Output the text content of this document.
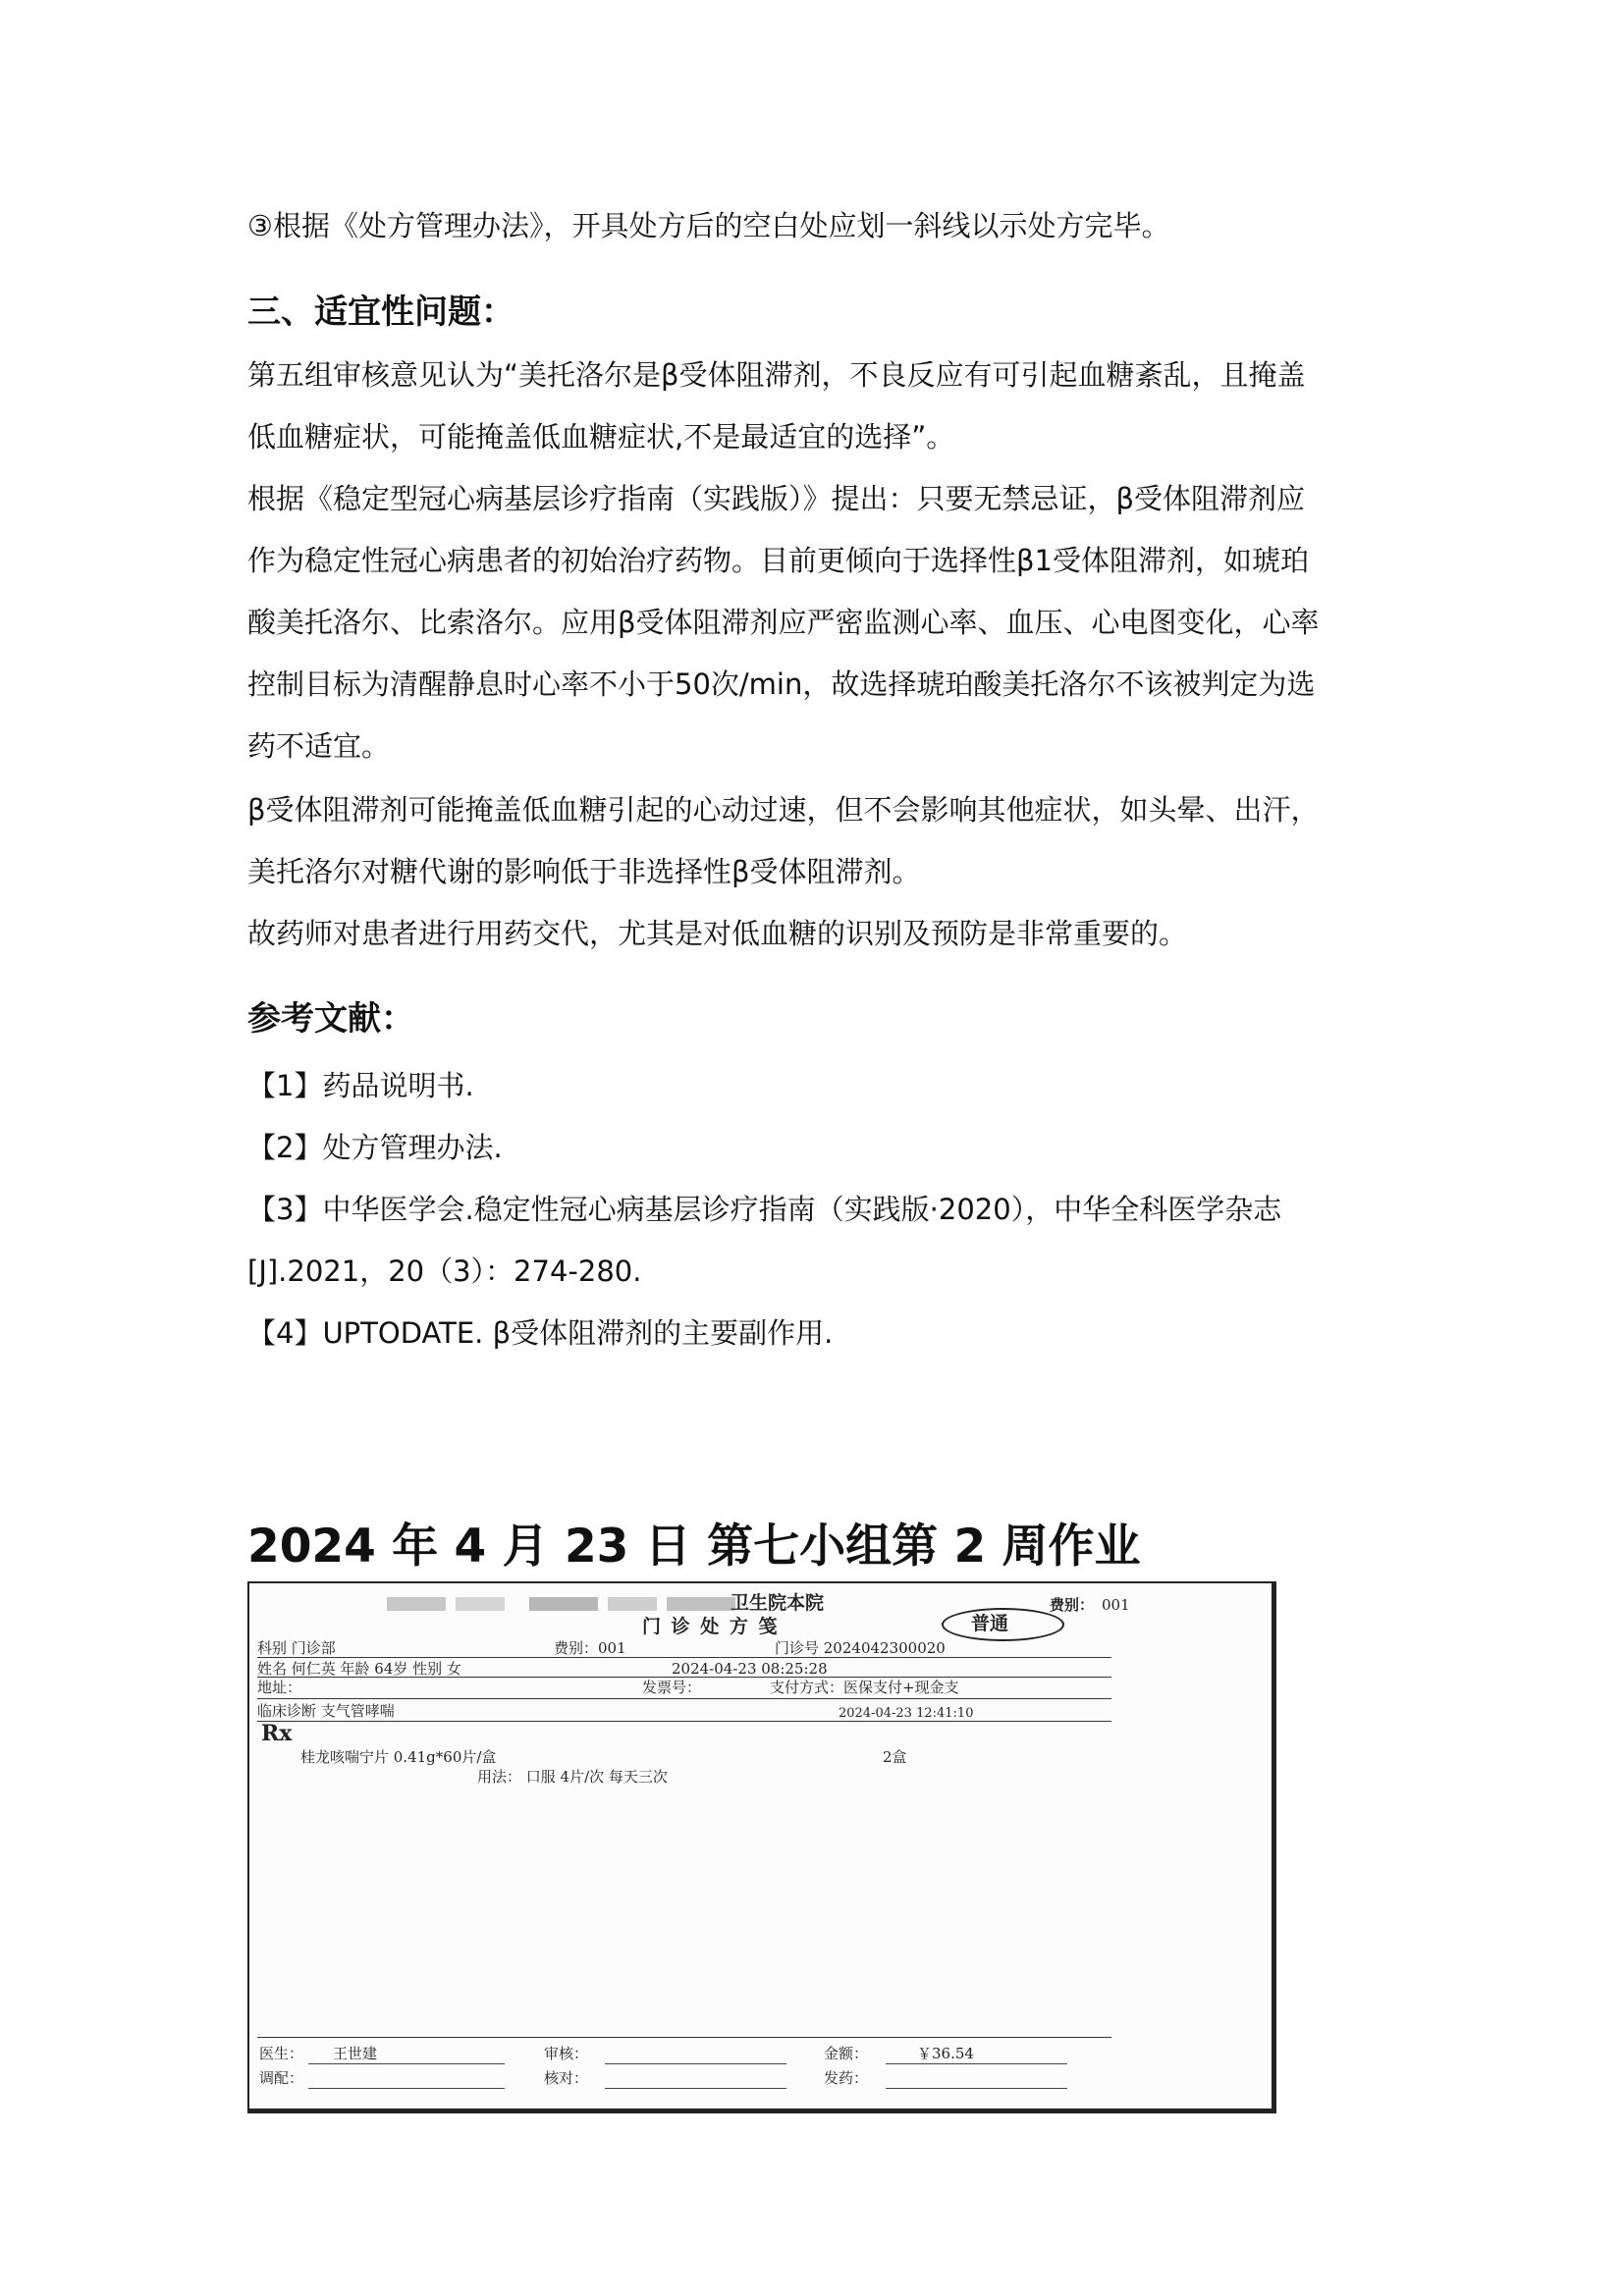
③根据《处方管理办法》，开具处方后的空白处应划一斜线以示处方完毕。
三、适宜性问题：
第五组审核意见认为“美托洛尔是β受体阻滞剂，不良反应有可引起血糖紊乱，且掩盖
低血糖症状，可能掩盖低血糖症状,不是最适宜的选择”。
根据《稳定型冠心病基层诊疗指南（实践版）》提出：只要无禁忌证，β受体阻滞剂应
作为稳定性冠心病患者的初始治疗药物。目前更倾向于选择性β1受体阻滞剂，如琥珀
酸美托洛尔、比索洛尔。应用β受体阻滞剂应严密监测心率、血压、心电图变化，心率
控制目标为清醒静息时心率不小于50次/min，故选择琥珀酸美托洛尔不该被判定为选
药不适宜。
β受体阻滞剂可能掩盖低血糖引起的心动过速，但不会影响其他症状，如头晕、出汗，
美托洛尔对糖代谢的影响低于非选择性β受体阻滞剂。
故药师对患者进行用药交代，尤其是对低血糖的识别及预防是非常重要的。
参考文献：
【1】药品说明书.
【2】处方管理办法.
【3】中华医学会.稳定性冠心病基层诊疗指南（实践版·2020），中华全科医学杂志
[J].2021，20（3）：274-280.
【4】UPTODATE. β受体阻滞剂的主要副作用.
2024 年 4 月 23 日 第七小组第 2 周作业
卫生院本院	费别： 001
门 诊 处 方 笺	普通
科别 门诊部	费别：001	门诊号 2024042300020
姓名 何仁英 年龄 64岁 性别 女	2024-04-23 08:25:28
地址：	发票号：	支付方式：医保支付+现金支
临床诊断 支气管哮喘	2024-04-23 12:41:10
Rx
桂龙咳喘宁片 0.41g*60片/盒	2盒
用法： 口服 4片/次 每天三次
医生： 王世建	审核：	金额：	￥36.54
调配：	核对：	发药：
